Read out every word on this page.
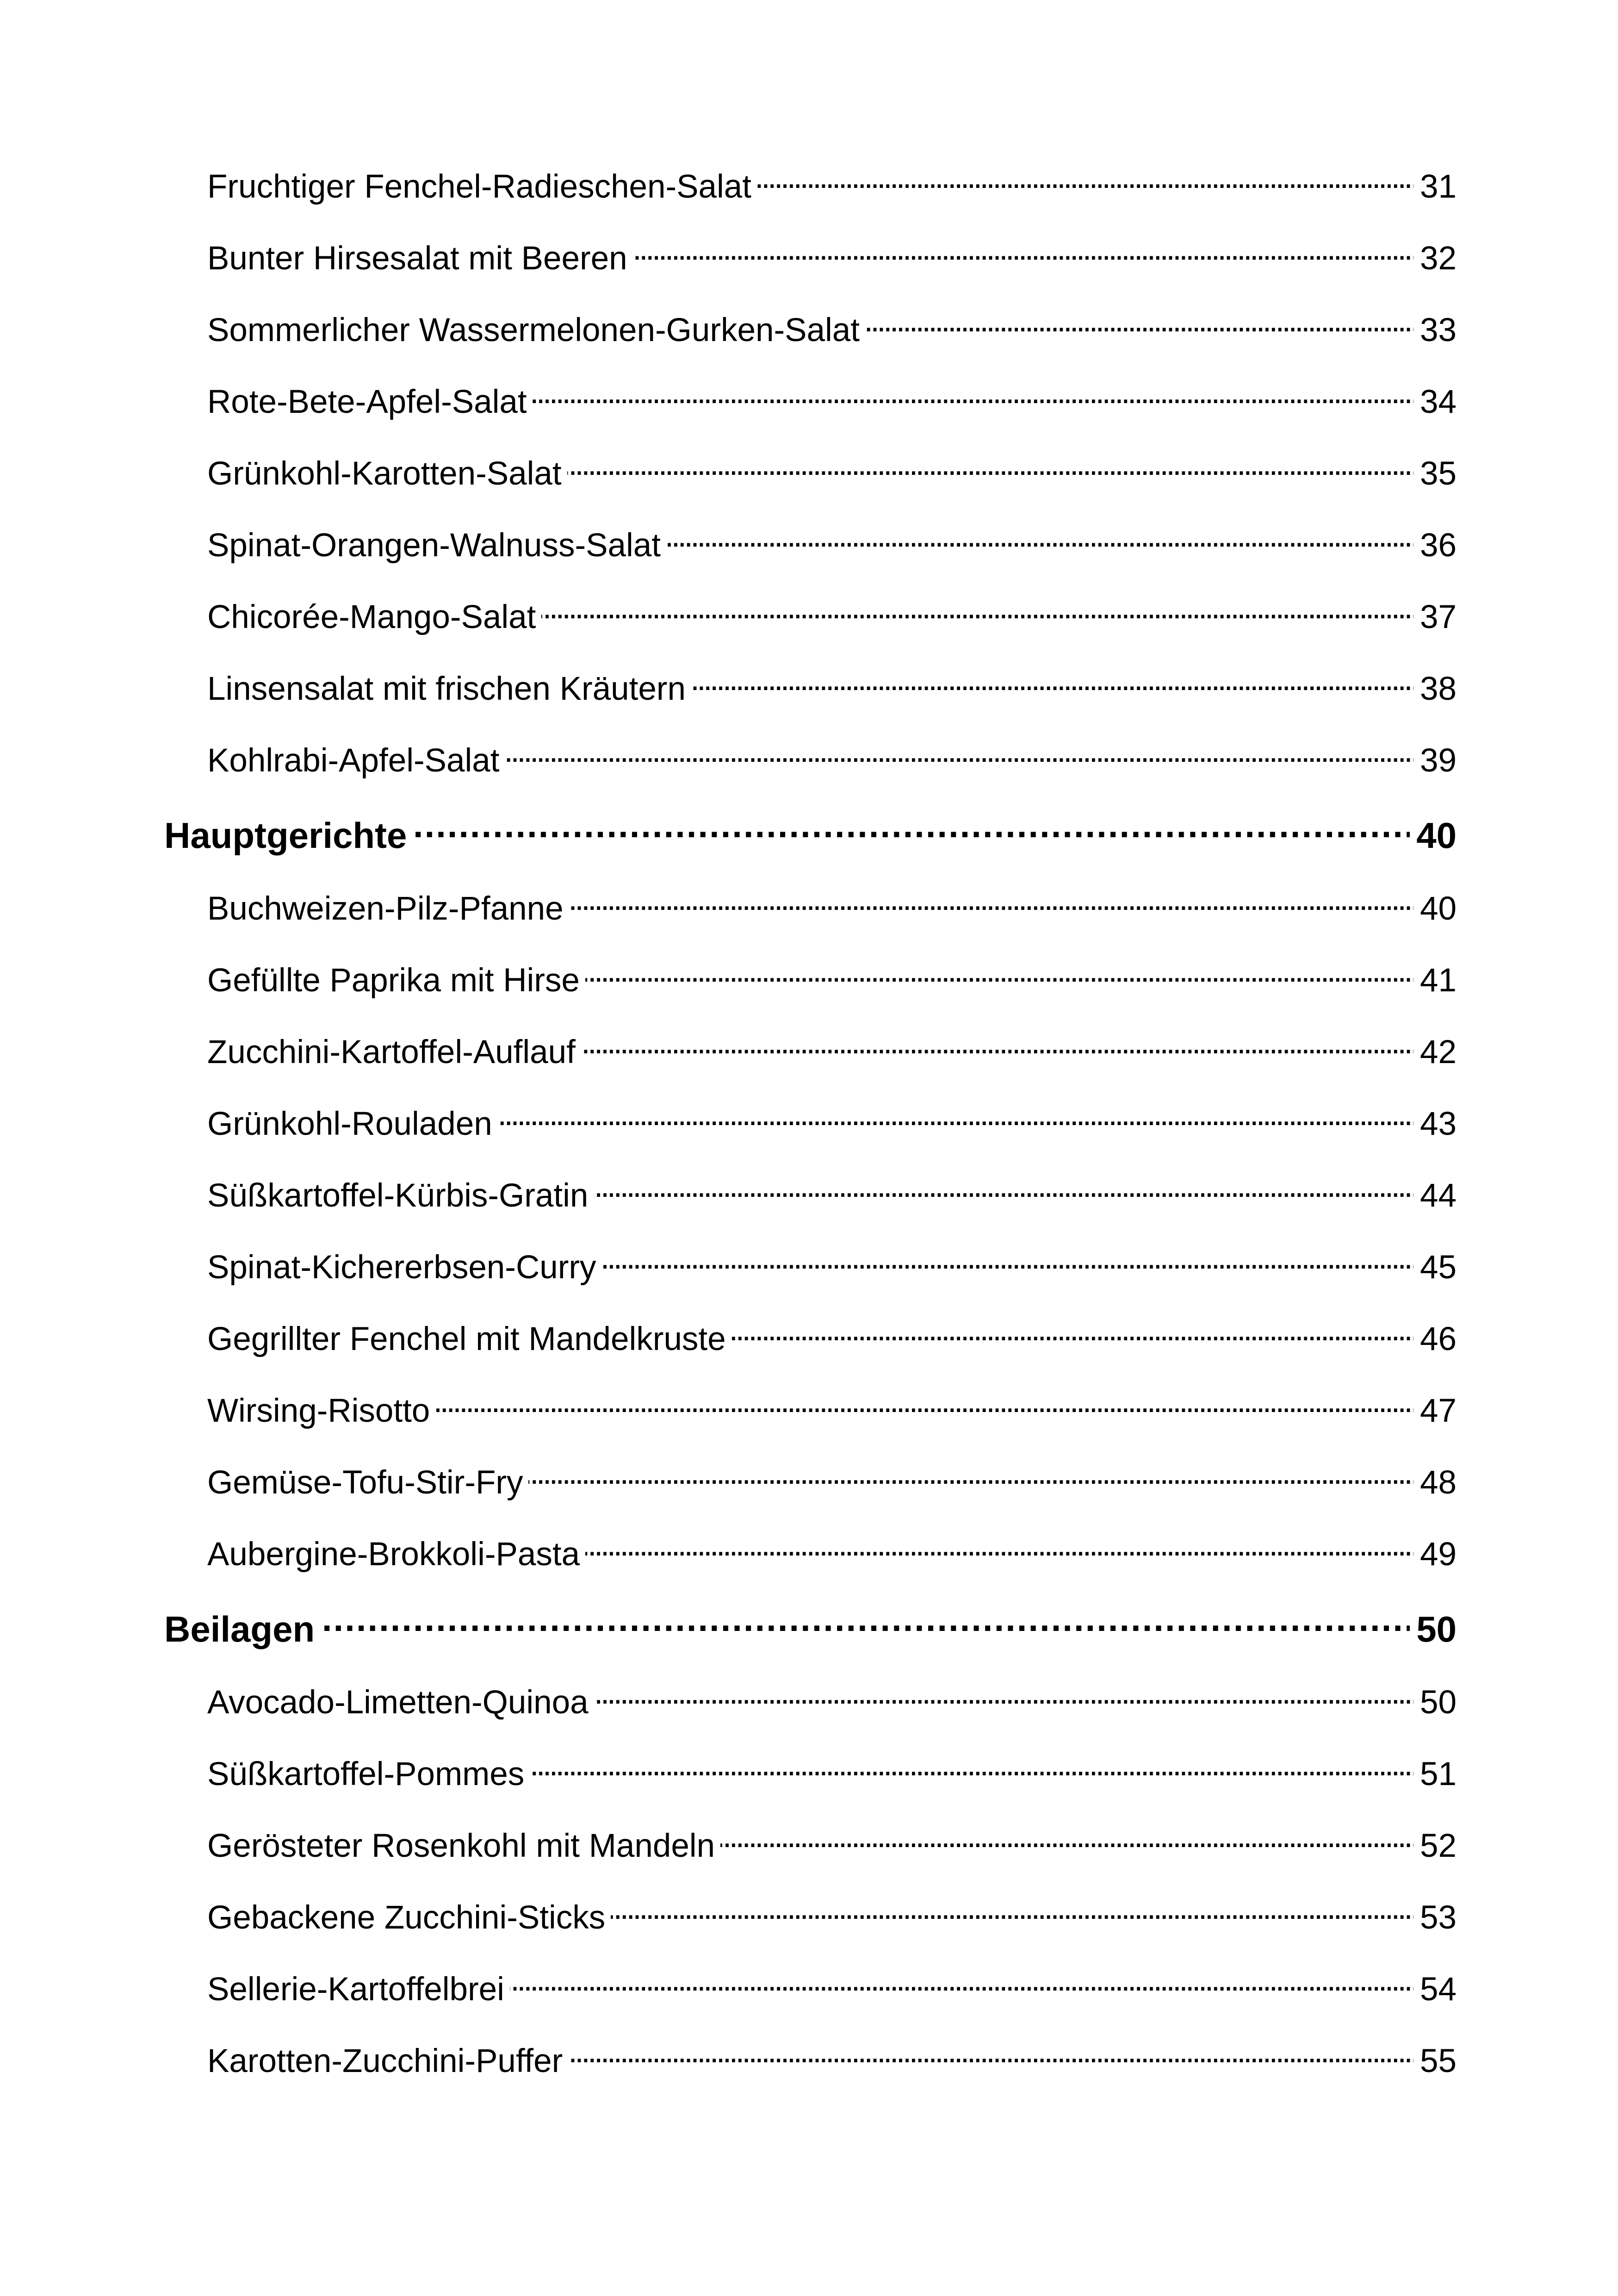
Fruchtiger Fenchel-Radieschen-Salat . . .	31
Bunter Hirsesalat mit Beeren . . .	32
Sommerlicher Wassermelonen-Gurken-Salat . . .	33
Rote-Bete-Apfel-Salat . . .	34
Grünkohl-Karotten-Salat . . .	35
Spinat-Orangen-Walnuss-Salat . . .	36
Chicorée-Mango-Salat . . .	37
Linsensalat mit frischen Kräutern . . .	38
Kohlrabi-Apfel-Salat . . .	39
Hauptgerichte . . .	40
Buchweizen-Pilz-Pfanne . . .	40
Gefüllte Paprika mit Hirse . . .	41
Zucchini-Kartoffel-Auflauf . . .	42
Grünkohl-Rouladen . . .	43
Süßkartoffel-Kürbis-Gratin . . .	44
Spinat-Kichererbsen-Curry . . .	45
Gegrillter Fenchel mit Mandelkruste . . .	46
Wirsing-Risotto . . .	47
Gemüse-Tofu-Stir-Fry . . .	48
Aubergine-Brokkoli-Pasta . . .	49
Beilagen . . .	50
Avocado-Limetten-Quinoa . . .	50
Süßkartoffel-Pommes . . .	51
Gerösteter Rosenkohl mit Mandeln . . .	52
Gebackene Zucchini-Sticks . . .	53
Sellerie-Kartoffelbrei . . .	54
Karotten-Zucchini-Puffer . . .	55
